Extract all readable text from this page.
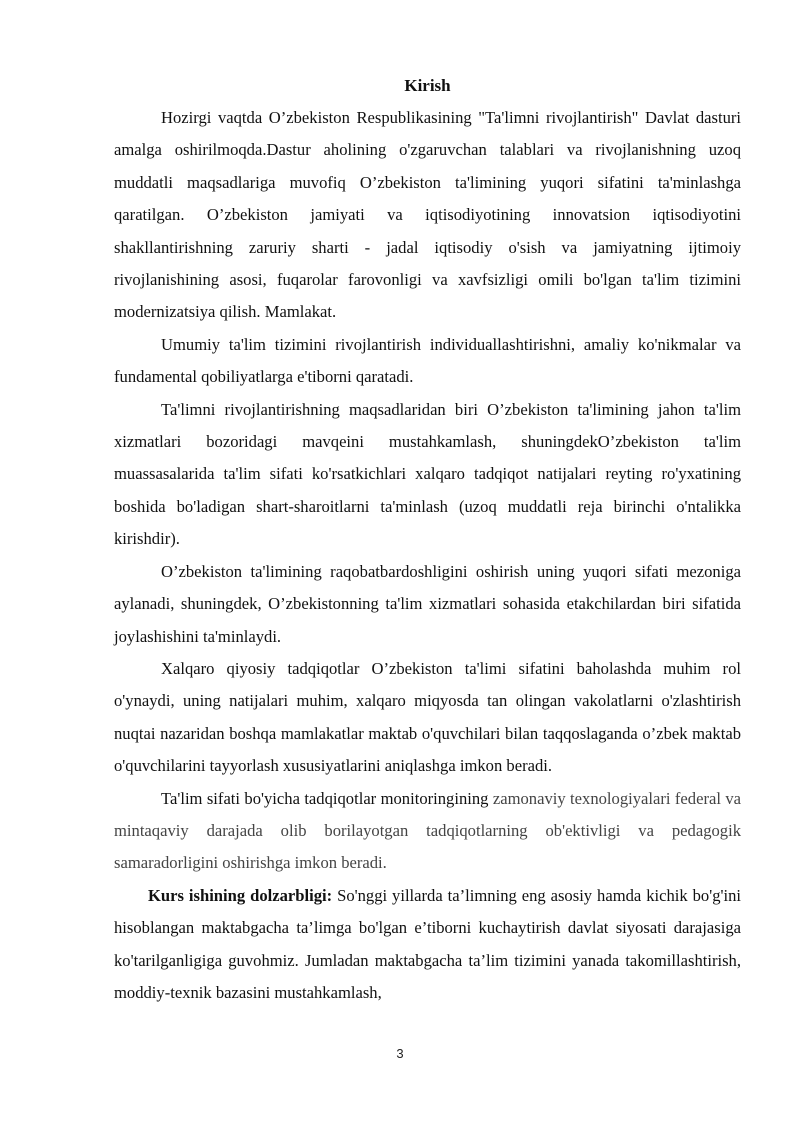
Kirish

Hozirgi vaqtda O’zbekiston Respublikasining "Ta'limni rivojlantirish" Davlat dasturi amalga oshirilmoqda.Dastur aholining o'zgaruvchan talablari va rivojlanishning uzoq muddatli maqsadlariga muvofiq O’zbekiston ta'limining yuqori sifatini ta'minlashga qaratilgan. O’zbekiston jamiyati va iqtisodiyotining innovatsion iqtisodiyotini shakllantirishning zaruriy sharti - jadal iqtisodiy o'sish va jamiyatning ijtimoiy rivojlanishining asosi, fuqarolar farovonligi va xavfsizligi omili bo'lgan ta'lim tizimini modernizatsiya qilish. Mamlakat.

Umumiy ta'lim tizimini rivojlantirish individuallashtirishni, amaliy ko'nikmalar va fundamental qobiliyatlarga e'tiborni qaratadi.

Ta'limni rivojlantirishning maqsadlaridan biri O’zbekiston ta'limining jahon ta'lim xizmatlari bozoridagi mavqeini mustahkamlash, shuningdekO’zbekiston ta'lim muassasalarida ta'lim sifati ko'rsatkichlari xalqaro tadqiqot natijalari reyting ro'yxatining boshida bo'ladigan shart-sharoitlarni ta'minlash (uzoq muddatli reja birinchi o'ntalikka kirishdir).

O’zbekiston ta'limining raqobatbardoshligini oshirish uning yuqori sifati mezoniga aylanadi, shuningdek, O’zbekistonning ta'lim xizmatlari sohasida etakchilardan biri sifatida joylashishini ta'minlaydi.

Xalqaro qiyosiy tadqiqotlar O’zbekiston ta'limi sifatini baholashda muhim rol o'ynaydi, uning natijalari muhim, xalqaro miqyosda tan olingan vakolatlarni o'zlashtirish nuqtai nazaridan boshqa mamlakatlar maktab o'quvchilari bilan taqqoslaganda o’zbek maktab o'quvchilarini tayyorlash xususiyatlarini aniqlashga imkon beradi.

Ta'lim sifati bo'yicha tadqiqotlar monitoringining zamonaviy texnologiyalari federal va mintaqaviy darajada olib borilayotgan tadqiqotlarning ob'ektivligi va pedagogik samaradorligini oshirishga imkon beradi.

Kurs ishining dolzarbligi: So'nggi yillarda ta’limning eng asosiy hamda kichik bo'g'ini hisoblangan maktabgacha ta’limga bo'lgan e’tiborni kuchaytirish davlat siyosati darajasiga ko'tarilganligiga guvohmiz. Jumladan maktabgacha ta’lim tizimini yanada takomillashtirish, moddiy-texnik bazasini mustahkamlash,

3
